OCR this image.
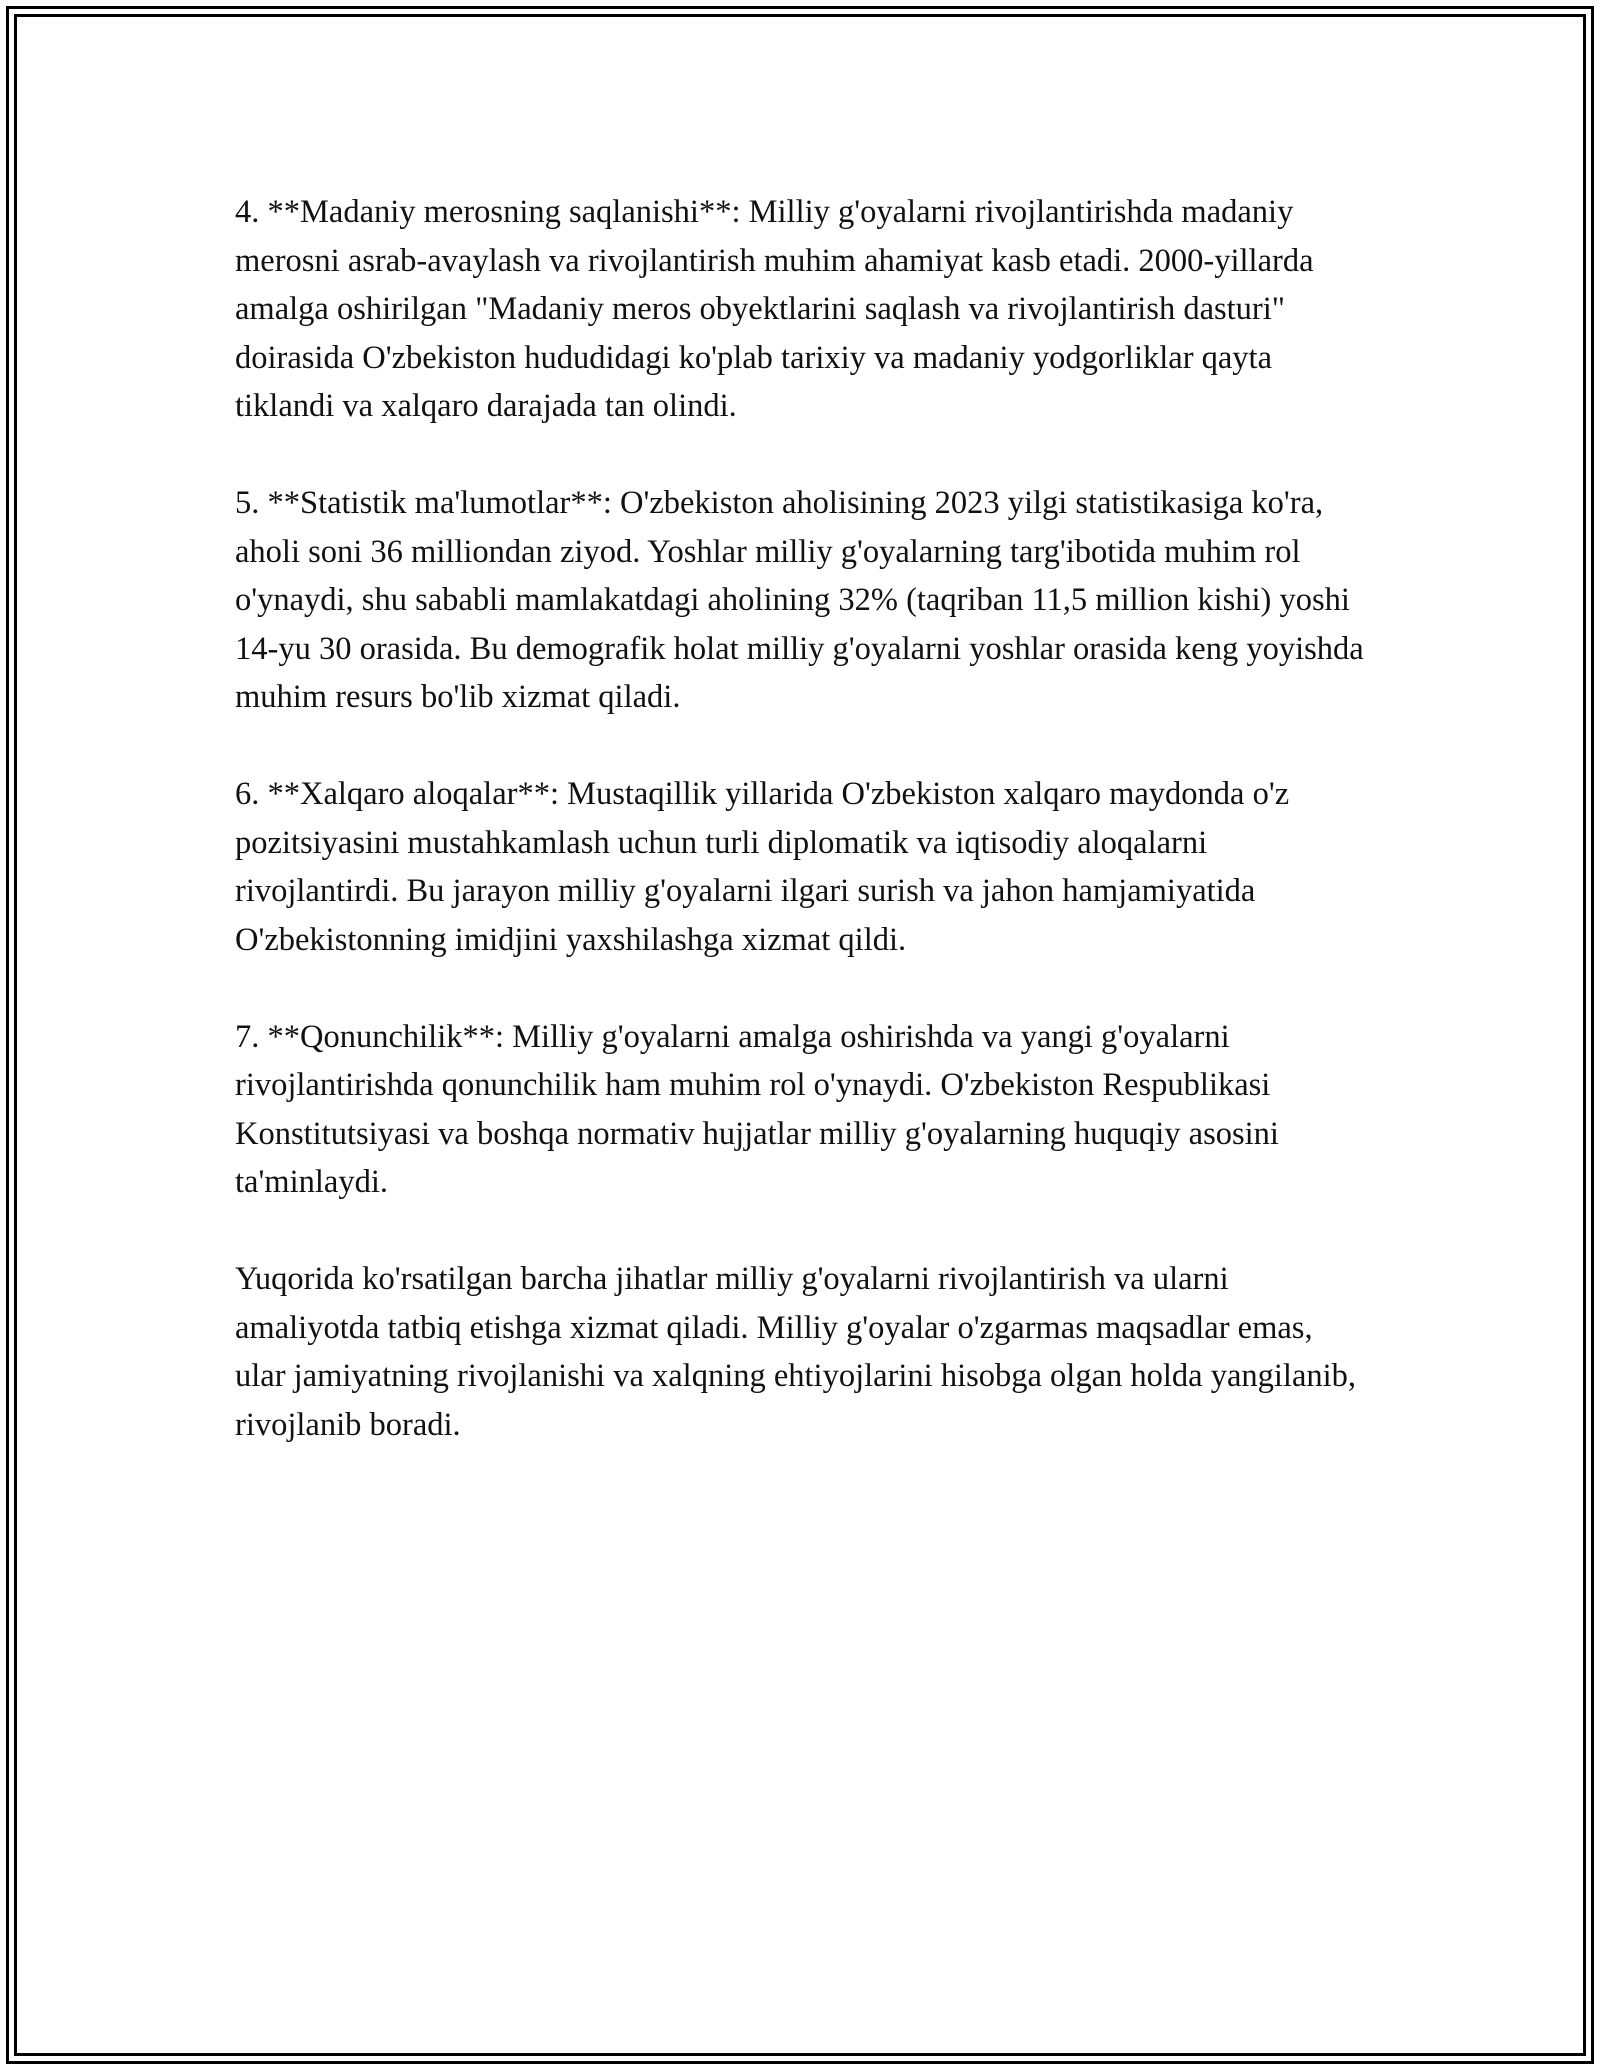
4. **Madaniy merosning saqlanishi**: Milliy g'oyalarni rivojlantirishda madaniy merosni asrab-avaylash va rivojlantirish muhim ahamiyat kasb etadi. 2000-yillarda amalga oshirilgan "Madaniy meros obyektlarini saqlash va rivojlantirish dasturi" doirasida O'zbekiston hududidagi ko'plab tarixiy va madaniy yodgorliklar qayta tiklandi va xalqaro darajada tan olindi.

5. **Statistik ma'lumotlar**: O'zbekiston aholisining 2023 yilgi statistikasiga ko'ra, aholi soni 36 milliondan ziyod. Yoshlar milliy g'oyalarning targ'ibotida muhim rol o'ynaydi, shu sababli mamlakatdagi aholining 32% (taqriban 11,5 million kishi) yoshi 14-yu 30 orasida. Bu demografik holat milliy g'oyalarni yoshlar orasida keng yoyishda muhim resurs bo'lib xizmat qiladi.

6. **Xalqaro aloqalar**: Mustaqillik yillarida O'zbekiston xalqaro maydonda o'z pozitsiyasini mustahkamlash uchun turli diplomatik va iqtisodiy aloqalarni rivojlantirdi. Bu jarayon milliy g'oyalarni ilgari surish va jahon hamjamiyatida O'zbekistonning imidjini yaxshilashga xizmat qildi.

7. **Qonunchilik**: Milliy g'oyalarni amalga oshirishda va yangi g'oyalarni rivojlantirishda qonunchilik ham muhim rol o'ynaydi. O'zbekiston Respublikasi Konstitutsiyasi va boshqa normativ hujjatlar milliy g'oyalarning huquqiy asosini ta'minlaydi.

Yuqorida ko'rsatilgan barcha jihatlar milliy g'oyalarni rivojlantirish va ularni amaliyotda tatbiq etishga xizmat qiladi. Milliy g'oyalar o'zgarmas maqsadlar emas, ular jamiyatning rivojlanishi va xalqning ehtiyojlarini hisobga olgan holda yangilanib, rivojlanib boradi.
